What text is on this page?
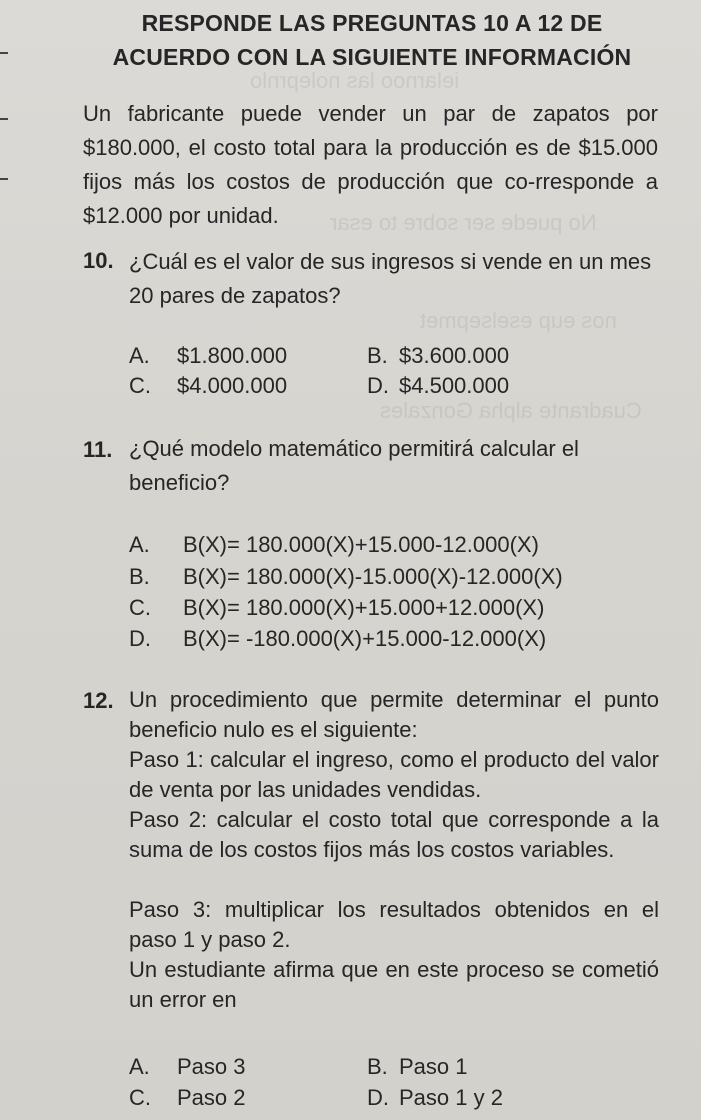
ielarnoo las noleprnlo
No puede ser sobre to esar
nos eup eselsepmet
Cuadrante alpha Gonzales
RESPONDE LAS PREGUNTAS 10 A 12 DE
ACUERDO CON LA SIGUIENTE INFORMACIÓN
Un fabricante puede vender un par de zapatos por $180.000, el costo total para la producción es de $15.000 fijos más los costos de producción que co-rresponde a $12.000 por unidad.
10. ¿Cuál es el valor de sus ingresos si vende en un mes 20 pares de zapatos?
A. $1.800.000	B. $3.600.000
C. $4.000.000	D. $4.500.000
11. ¿Qué modelo matemático permitirá calcular el beneficio?
A. B(X)= 180.000(X)+15.000-12.000(X)
B. B(X)= 180.000(X)-15.000(X)-12.000(X)
C. B(X)= 180.000(X)+15.000+12.000(X)
D. B(X)= -180.000(X)+15.000-12.000(X)
12. Un procedimiento que permite determinar el punto beneficio nulo es el siguiente:
Paso 1: calcular el ingreso, como el producto del valor de venta por las unidades vendidas.
Paso 2: calcular el costo total que corresponde a la suma de los costos fijos más los costos variables.
Paso 3: multiplicar los resultados obtenidos en el paso 1 y paso 2.
Un estudiante afirma que en este proceso se cometió un error en
A. Paso 3	B. Paso 1
C. Paso 2	D. Paso 1 y 2
